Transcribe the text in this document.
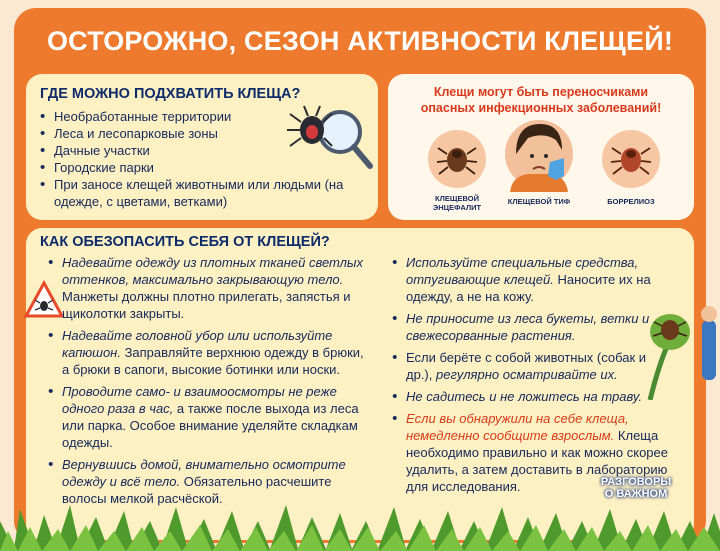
ОСТОРОЖНО, СЕЗОН АКТИВНОСТИ КЛЕЩЕЙ!
ГДЕ МОЖНО ПОДХВАТИТЬ КЛЕЩА?
• Необработанные территории
• Леса и лесопарковые зоны
• Дачные участки
• Городские парки
• При заносе клещей животными или людьми (на одежде, с цветами, ветками)
Клещи могут быть переносчиками опасных инфекционных заболеваний!
КЛЕЩЕВОЙ ЭНЦЕФАЛИТ
КЛЕЩЕВОЙ ТИФ	БОРРЕЛИОЗ
КАК ОБЕЗОПАСИТЬ СЕБЯ ОТ КЛЕЩЕЙ?
• Надевайте одежду из плотных тканей светлых оттенков, максимально закрывающую тело. Манжеты должны плотно прилегать, запястья и щиколотки закрыты.
• Надевайте головной убор или используйте капюшон. Заправляйте верхнюю одежду в брюки, а брюки в сапоги, высокие ботинки или носки.
• Проводите само- и взаимоосмотры не реже одного раза в час, а также после выхода из леса или парка. Особое внимание уделяйте складкам одежды.
• Вернувшись домой, внимательно осмотрите одежду и всё тело. Обязательно расчешите волосы мелкой расчёской.
• Используйте специальные средства, отпугивающие клещей. Наносите их на одежду, а не на кожу.
• Не приносите из леса букеты, ветки и свежесорванные растения.
• Если берёте с собой животных (собак и др.), регулярно осматривайте их.
• Не садитесь и не ложитесь на траву.
• Если вы обнаружили на себе клеща, немедленно сообщите взрослым. Клеща необходимо правильно и как можно скорее удалить, а затем доставить в лабораторию для исследования.	РАЗГОВОРЫ
О ВАЖНОМ
